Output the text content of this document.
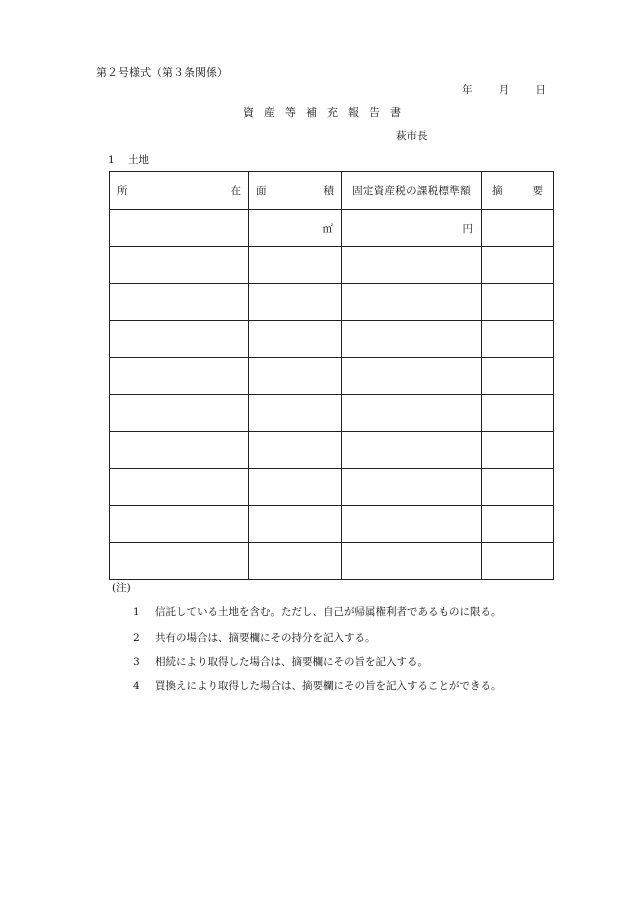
第２号様式（第３条関係）
年	月	日
資産等補充報告書
萩市長
1 土地
所 在	面 積	固定資産税の課税標準額	摘 要

	㎡	円	

(注)
1 信託している土地を含む。ただし、自己が帰属権利者であるものに限る。
2 共有の場合は、摘要欄にその持分を記入する。
3 相続により取得した場合は、摘要欄にその旨を記入する。
4 買換えにより取得した場合は、摘要欄にその旨を記入することができる。
